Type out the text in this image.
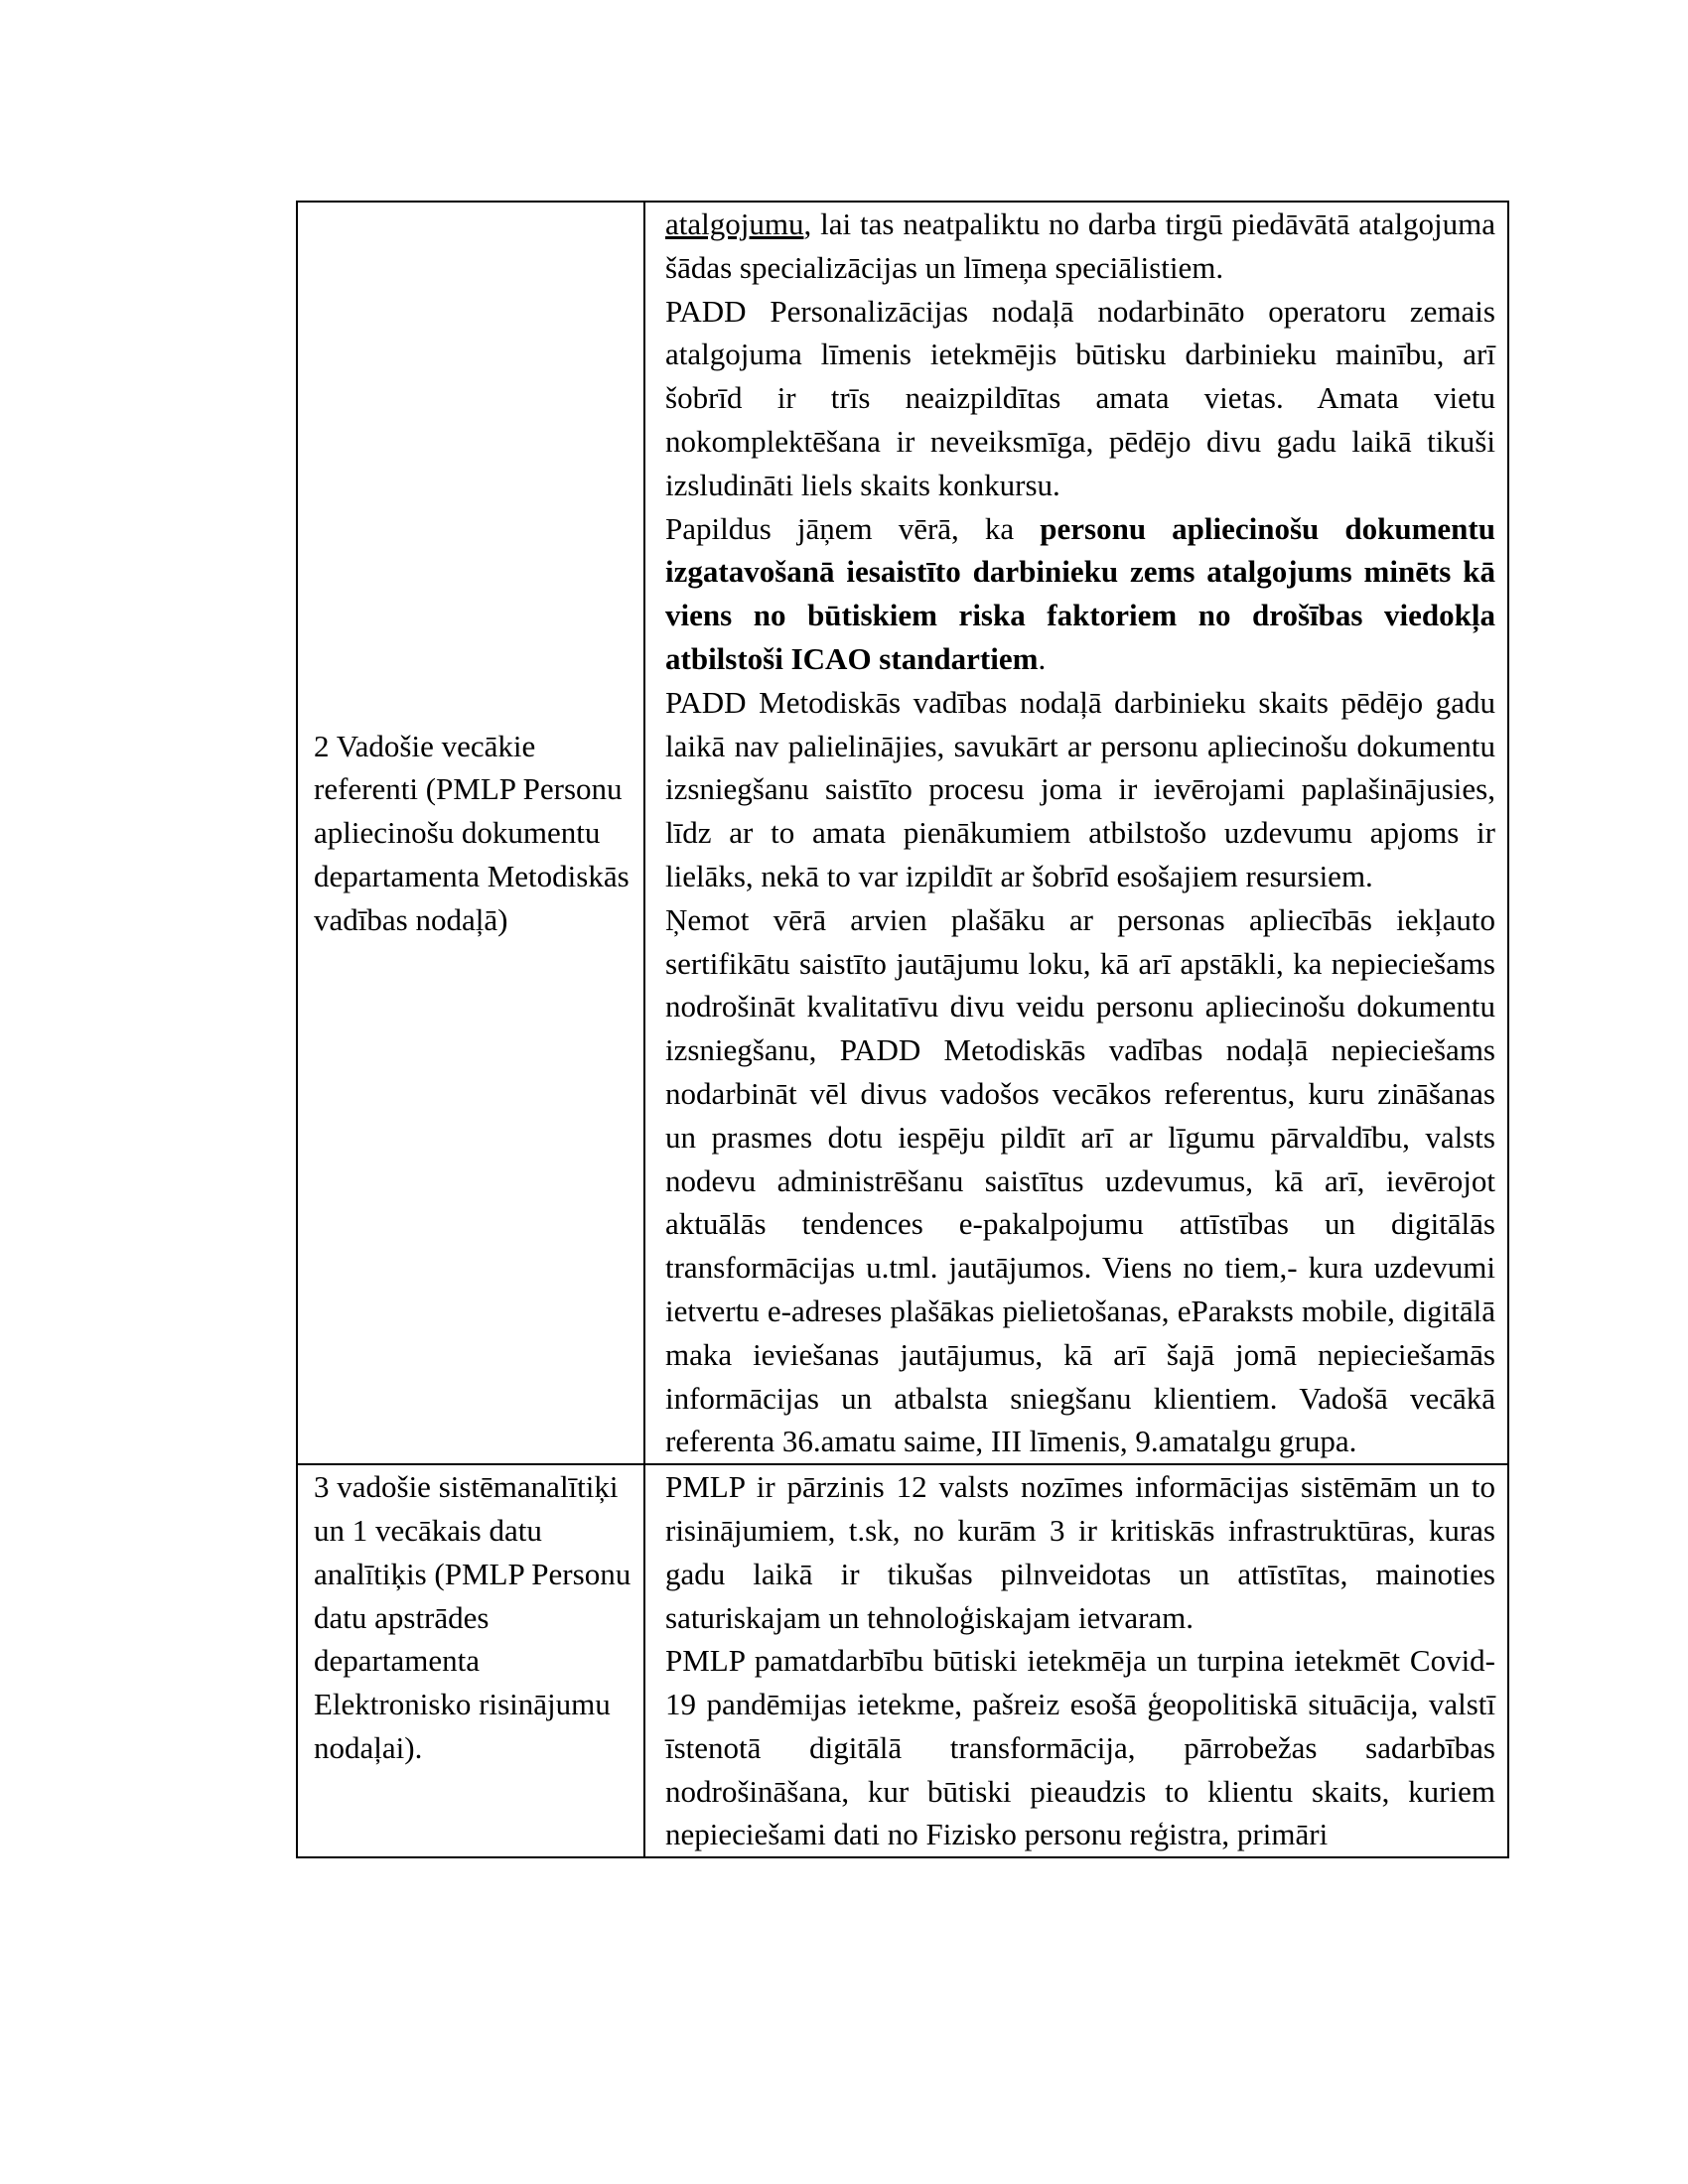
2 Vadošie vecākie referenti (PMLP Personu apliecinošu dokumentu departamenta Metodiskās vadības nodaļā)	atalgojumu, lai tas neatpaliktu no darba tirgū piedāvātā atalgojuma šādas specializācijas un līmeņa speciālistiem.

PADD Personalizācijas nodaļā nodarbināto operatoru zemais atalgojuma līmenis ietekmējis būtisku darbinieku mainību, arī šobrīd ir trīs neaizpildītas amata vietas. Amata vietu nokomplektēšana ir neveiksmīga, pēdējo divu gadu laikā tikuši izsludināti liels skaits konkursu.

Papildus jāņem vērā, ka personu apliecinošu dokumentu izgatavošanā iesaistīto darbinieku zems atalgojums minēts kā viens no būtiskiem riska faktoriem no drošības viedokļa atbilstoši ICAO standartiem.

PADD Metodiskās vadības nodaļā darbinieku skaits pēdējo gadu laikā nav palielinājies, savukārt ar personu apliecinošu dokumentu izsniegšanu saistīto procesu joma ir ievērojami paplašinājusies, līdz ar to amata pienākumiem atbilstošo uzdevumu apjoms ir lielāks, nekā to var izpildīt ar šobrīd esošajiem resursiem.

Ņemot vērā arvien plašāku ar personas apliecībās iekļauto sertifikātu saistīto jautājumu loku, kā arī apstākli, ka nepieciešams nodrošināt kvalitatīvu divu veidu personu apliecinošu dokumentu izsniegšanu, PADD Metodiskās vadības nodaļā nepieciešams nodarbināt vēl divus vadošos vecākos referentus, kuru zināšanas un prasmes dotu iespēju pildīt arī ar līgumu pārvaldību, valsts nodevu administrēšanu saistītus uzdevumus, kā arī, ievērojot aktuālās tendences e-pakalpojumu attīstības un digitālās transformācijas u.tml. jautājumos. Viens no tiem,- kura uzdevumi ietvertu e-adreses plašākas pielietošanas, eParaksts mobile, digitālā maka ieviešanas jautājumus, kā arī šajā jomā nepieciešamās informācijas un atbalsta sniegšanu klientiem. Vadošā vecākā referenta 36.amatu saime, III līmenis, 9.amatalgu grupa.

3 vadošie sistēmanalītiķi un 1 vecākais datu analītiķis (PMLP Personu datu apstrādes departamenta Elektronisko risinājumu nodaļai).	PMLP ir pārzinis 12 valsts nozīmes informācijas sistēmām un to risinājumiem, t.sk, no kurām 3 ir kritiskās infrastruktūras, kuras gadu laikā ir tikušas pilnveidotas un attīstītas, mainoties saturiskajam un tehnoloģiskajam ietvaram.

PMLP pamatdarbību būtiski ietekmēja un turpina ietekmēt Covid-19 pandēmijas ietekme, pašreiz esošā ģeopolitiskā situācija, valstī īstenotā digitālā transformācija, pārrobežas sadarbības nodrošināšana, kur būtiski pieaudzis to klientu skaits, kuriem nepieciešami dati no Fizisko personu reģistra, primāri
